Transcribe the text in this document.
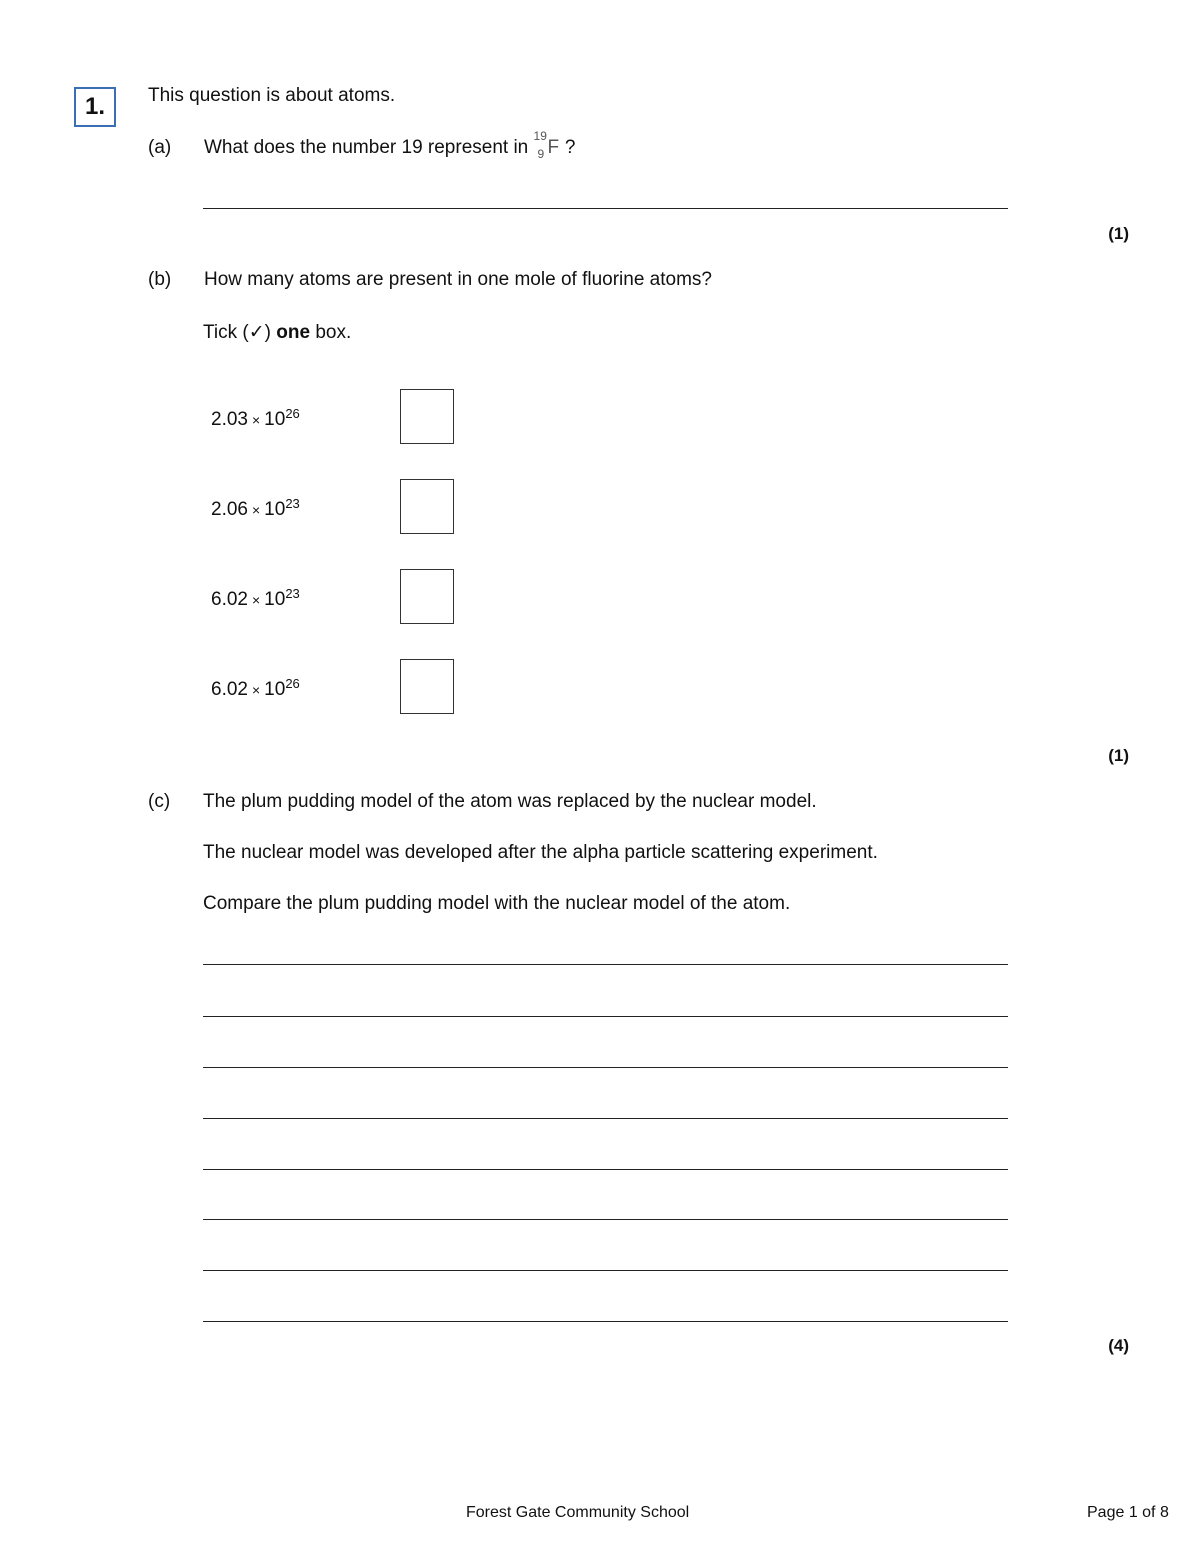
1.	This question is about atoms.
(a) What does the number 19 represent in
19
9 F ?
(1)
(b) How many atoms are present in one mole of fluorine atoms?
Tick (✓) one box.
$2.03 \times 10^{26}$
$2.06 \times 10^{23}$
$6.02 \times 10^{23}$
$6.02 \times 10^{26}$
(1)
(c) The plum pudding model of the atom was replaced by the nuclear model.
The nuclear model was developed after the alpha particle scattering experiment.
Compare the plum pudding model with the nuclear model of the atom.
(4)
Forest Gate Community School	Page 1 of 8
